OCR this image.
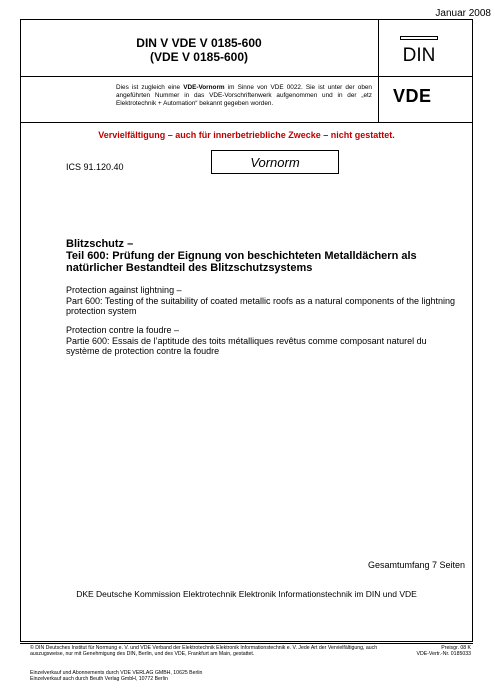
Januar 2008
DIN V VDE V 0185-600
(VDE V 0185-600)	DIN
Dies ist zugleich eine VDE-Vornorm im Sinne von VDE 0022. Sie ist unter der oben angeführten Nummer in das VDE-Vorschriftenwerk aufgenommen und in der „etz Elektrotechnik + Automation“ bekannt gegeben worden.	VDE
Vervielfältigung – auch für innerbetriebliche Zwecke – nicht gestattet.
ICS 91.120.40	Vornorm
Blitzschutz –
Teil 600: Prüfung der Eignung von beschichteten Metalldächern als natürlicher Bestandteil des Blitzschutzsystems
Protection against lightning –
Part 600: Testing of the suitability of coated metallic roofs as a natural components of the lightning protection system
Protection contre la foudre –
Partie 600: Essais de l’aptitude des toits métalliques revêtus comme composant naturel du système de protection contre la foudre
Gesamtumfang 7 Seiten
DKE Deutsche Kommission Elektrotechnik Elektronik Informationstechnik im DIN und VDE
© DIN Deutsches Institut für Normung e. V. und VDE Verband der Elektrotechnik Elektronik Informationstechnik e. V. Jede Art der Vervielfältigung, auch auszugsweise, nur mit Genehmigung des DIN, Berlin, und des VDE, Frankfurt am Main, gestattet.
Preisgr. 08 K
VDE-Vertr.-Nr. 0185033
Einzelverkauf und Abonnements durch VDE VERLAG GMBH, 10625 Berlin
Einzelverkauf auch durch Beuth Verlag GmbH, 10772 Berlin
